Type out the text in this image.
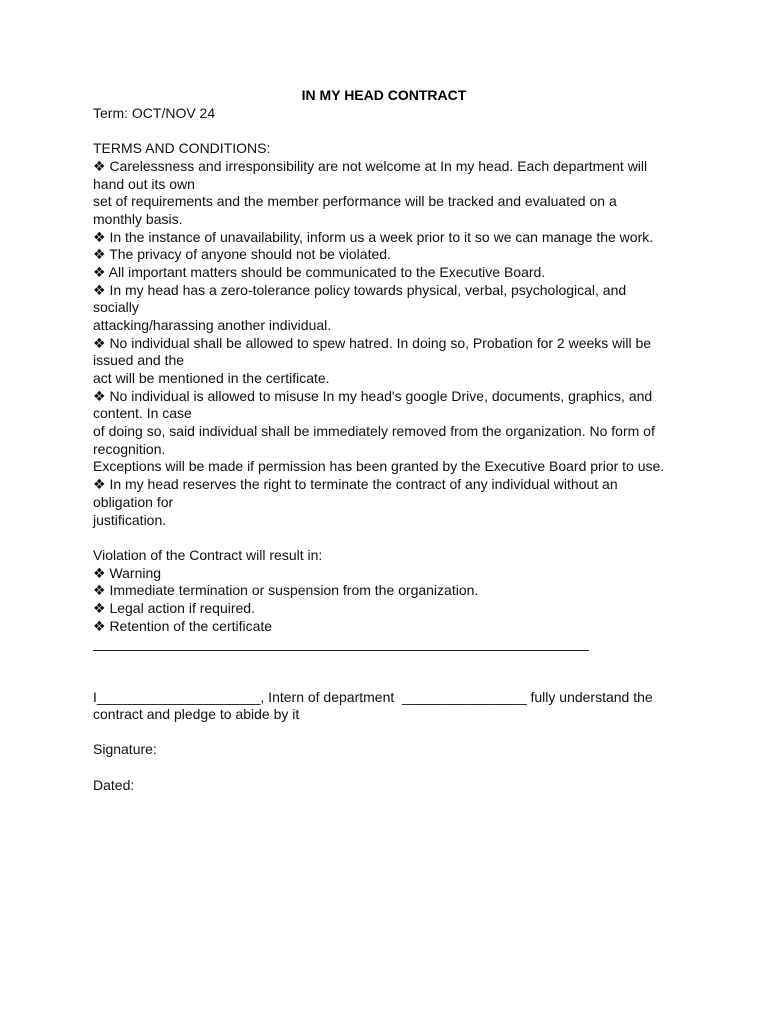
IN MY HEAD CONTRACT
Term: OCT/NOV 24
TERMS AND CONDITIONS:
❖ Carelessness and irresponsibility are not welcome at In my head. Each department will
hand out its own
set of requirements and the member performance will be tracked and evaluated on a
monthly basis.
❖ In the instance of unavailability, inform us a week prior to it so we can manage the work.
❖ The privacy of anyone should not be violated.
❖ All important matters should be communicated to the Executive Board.
❖ In my head has a zero-tolerance policy towards physical, verbal, psychological, and
socially
attacking/harassing another individual.
❖ No individual shall be allowed to spew hatred. In doing so, Probation for 2 weeks will be
issued and the
act will be mentioned in the certificate.
❖ No individual is allowed to misuse In my head's google Drive, documents, graphics, and
content. In case
of doing so, said individual shall be immediately removed from the organization. No form of
recognition.
Exceptions will be made if permission has been granted by the Executive Board prior to use.
❖ In my head reserves the right to terminate the contract of any individual without an
obligation for
justification.
Violation of the Contract will result in:
❖ Warning
❖ Immediate termination or suspension from the organization.
❖ Legal action if required.
❖ Retention of the certificate
I_____________________, Intern of department  ________________ fully understand the
contract and pledge to abide by it
Signature:
Dated:
